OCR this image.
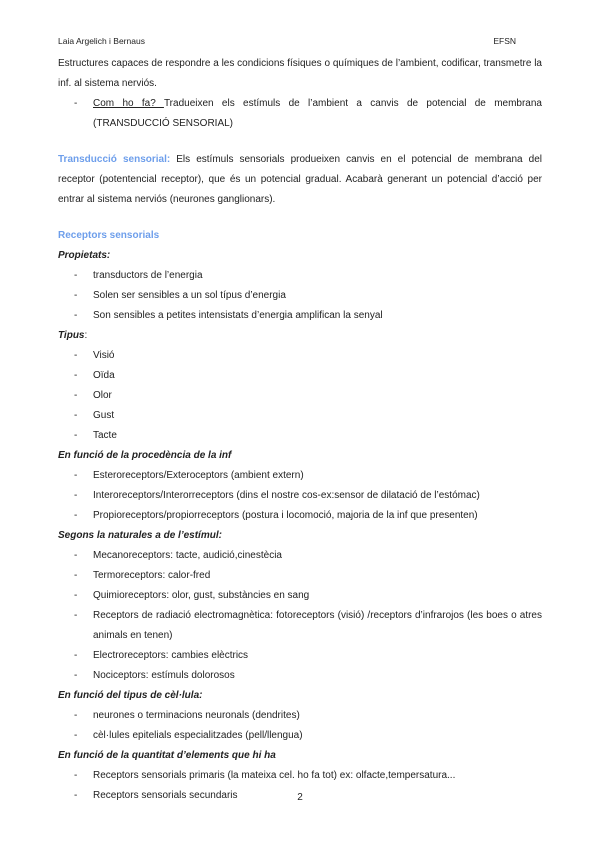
Laia Argelich i Bernaus	EFSN

Estructures capaces de respondre a les condicions físiques o químiques de l’ambient, codificar, transmetre la inf. al sistema nerviós.

- Com ho fa? Tradueixen els estímuls de l’ambient a canvis de potencial de membrana (TRANSDUCCIÓ SENSORIAL)

Transducció sensorial: Els estímuls sensorials produeixen canvis en el potencial de membrana del receptor (potentencial receptor), que és un potencial gradual. Acabarà generant un potencial d’acció per entrar al sistema nerviós (neurones ganglionars).

Receptors sensorials

Propietats:

- transductors de l’energia
- Solen ser sensibles a un sol típus d’energia
- Son sensibles a petites intensistats d’energia amplifican la senyal

Tipus:

- Visió
- Oïda
- Olor
- Gust
- Tacte

En funció de la procedència de la inf

- Esteroreceptors/Exteroceptors (ambient extern)
- Interoreceptors/Interorreceptors (dins el nostre cos-ex:sensor de dilatació de l’estómac)
- Propioreceptors/propiorreceptors (postura i locomoció, majoria de la inf que presenten)

Segons la naturales a de l’estímul:

- Mecanoreceptors: tacte, audició,cinestècia
- Termoreceptors: calor-fred
- Quimioreceptors: olor, gust, substàncies en sang
- Receptors de radiació electromagnètica: fotoreceptors (visió) /receptors d’infrarojos (les boes o atres animals en tenen)
- Electroreceptors: cambies elèctrics
- Nociceptors: estímuls dolorosos

En funció del tipus de cèl·lula:

- neurones o terminacions neuronals (dendrites)
- cèl·lules epitelials especialitzades (pell/llengua)

En funció de la quantitat d’elements que hi ha

- Receptors sensorials primaris (la mateixa cel. ho fa tot) ex: olfacte,tempersatura...
- Receptors sensorials secundaris	2
